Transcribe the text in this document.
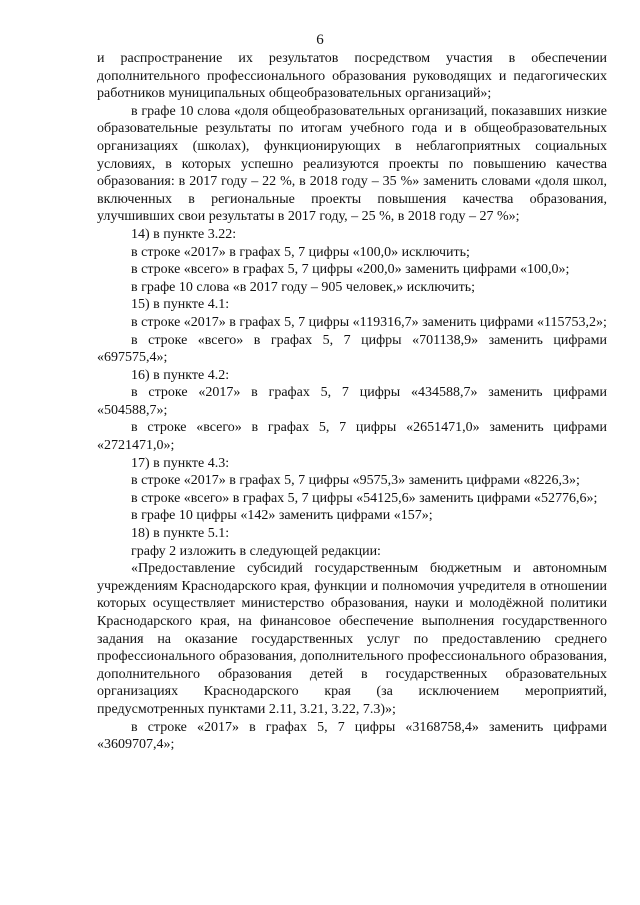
6

и распространение их результатов посредством участия в обеспечении дополнительного профессионального образования руководящих и педагогических работников муниципальных общеобразовательных организаций»;

в графе 10 слова «доля общеобразовательных организаций, показавших низкие образовательные результаты по итогам учебного года и в общеобразовательных организациях (школах), функционирующих в неблагоприятных социальных условиях, в которых успешно реализуются проекты по повышению качества образования: в 2017 году – 22 %, в 2018 году – 35 %» заменить словами «доля школ, включенных в региональные проекты повышения качества образования, улучшивших свои результаты в 2017 году, – 25 %, в 2018 году – 27 %»;

14) в пункте 3.22:

в строке «2017» в графах 5, 7 цифры «100,0» исключить;

в строке «всего» в графах 5, 7 цифры «200,0» заменить цифрами «100,0»;

в графе 10 слова «в 2017 году – 905 человек,» исключить;

15) в пункте 4.1:

в строке «2017» в графах 5, 7 цифры «119316,7» заменить цифрами «115753,2»;

в строке «всего» в графах 5, 7 цифры «701138,9» заменить цифрами «697575,4»;

16) в пункте 4.2:

в строке «2017» в графах 5, 7 цифры «434588,7» заменить цифрами «504588,7»;

в строке «всего» в графах 5, 7 цифры «2651471,0» заменить цифрами «2721471,0»;

17) в пункте 4.3:

в строке «2017» в графах 5, 7 цифры «9575,3» заменить цифрами «8226,3»;

в строке «всего» в графах 5, 7 цифры «54125,6» заменить цифрами «52776,6»;

в графе 10 цифры «142» заменить цифрами «157»;

18) в пункте 5.1:

графу 2 изложить в следующей редакции:

«Предоставление субсидий государственным бюджетным и автономным учреждениям Краснодарского края, функции и полномочия учредителя в отношении которых осуществляет министерство образования, науки и молодёжной политики Краснодарского края, на финансовое обеспечение выполнения государственного задания на оказание государственных услуг по предоставлению среднего профессионального образования, дополнительного профессионального образования, дополнительного образования детей в государственных образовательных организациях Краснодарского края (за исключением мероприятий, предусмотренных пунктами 2.11, 3.21, 3.22, 7.3)»;

в строке «2017» в графах 5, 7 цифры «3168758,4» заменить цифрами «3609707,4»;
